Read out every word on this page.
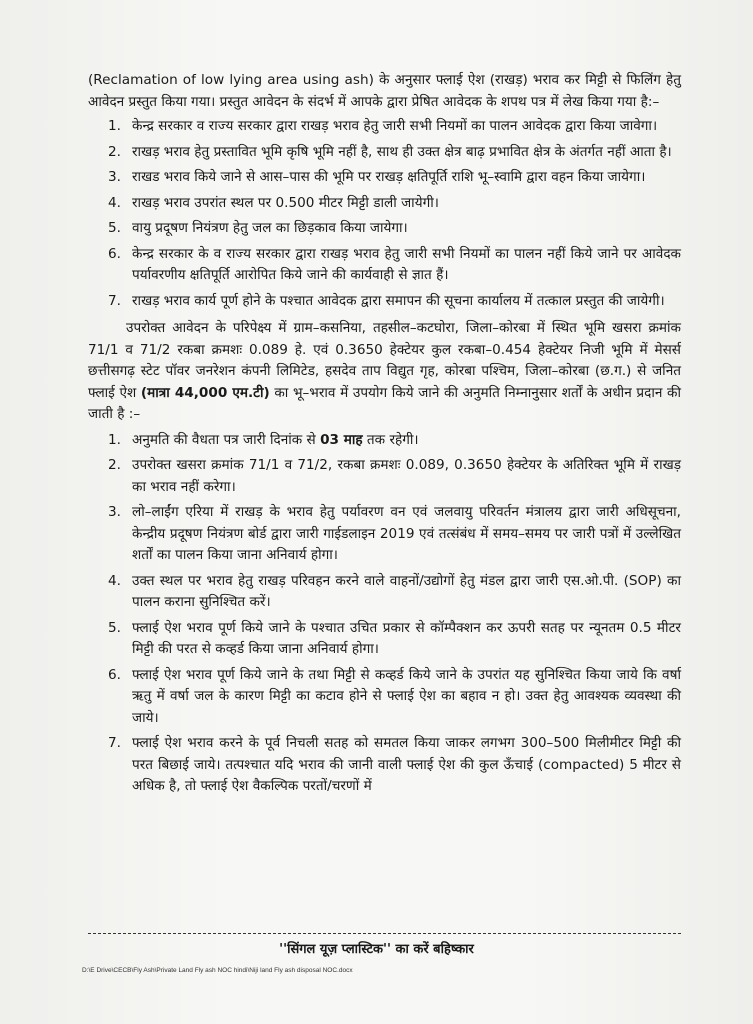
(Reclamation of low lying area using ash) के अनुसार फ्लाई ऐश (राखड़) भराव कर मिट्टी से फिलिंग हेतु आवेदन प्रस्तुत किया गया। प्रस्तुत आवेदन के संदर्भ में आपके द्वारा प्रेषित आवेदक के शपथ पत्र में लेख किया गया है:–

1. केन्द्र सरकार व राज्य सरकार द्वारा राखड़ भराव हेतु जारी सभी नियमों का पालन आवेदक द्वारा किया जावेगा।
2. राखड़ भराव हेतु प्रस्तावित भूमि कृषि भूमि नहीं है, साथ ही उक्त क्षेत्र बाढ़ प्रभावित क्षेत्र के अंतर्गत नहीं आता है।
3. राखड भराव किये जाने से आस–पास की भूमि पर राखड़ क्षतिपूर्ति राशि भू–स्वामि द्वारा वहन किया जायेगा।
4. राखड़ भराव उपरांत स्थल पर 0.500 मीटर मिट्टी डाली जायेगी।
5. वायु प्रदूषण नियंत्रण हेतु जल का छिड़काव किया जायेगा।
6. केन्द्र सरकार के व राज्य सरकार द्वारा राखड़ भराव हेतु जारी सभी नियमों का पालन नहीं किये जाने पर आवेदक पर्यावरणीय क्षतिपूर्ति आरोपित किये जाने की कार्यवाही से ज्ञात हैं।
7. राखड़ भराव कार्य पूर्ण होने के पश्चात आवेदक द्वारा समापन की सूचना कार्यालय में तत्काल प्रस्तुत की जायेगी।

उपरोक्त आवेदन के परिपेक्ष्य में ग्राम–कसनिया, तहसील–कटघोरा, जिला–कोरबा में स्थित भूमि खसरा क्रमांक 71/1 व 71/2 रकबा क्रमशः 0.089 हे. एवं 0.3650 हेक्टेयर कुल रकबा–0.454 हेक्टेयर निजी भूमि में मेसर्स छत्तीसगढ़ स्टेट पॉवर जनरेशन कंपनी लिमिटेड, हसदेव ताप विद्युत गृह, कोरबा पश्चिम, जिला–कोरबा (छ.ग.) से जनित फ्लाई ऐश (मात्रा 44,000 एम.टी) का भू–भराव में उपयोग किये जाने की अनुमति निम्नानुसार शर्तों के अधीन प्रदान की जाती है :–

1. अनुमति की वैधता पत्र जारी दिनांक से 03 माह तक रहेगी।
2. उपरोक्त खसरा क्रमांक 71/1 व 71/2, रकबा क्रमशः 0.089, 0.3650 हेक्टेयर के अतिरिक्त भूमि में राखड़ का भराव नहीं करेगा।
3. लो–लाईंग एरिया में राखड़ के भराव हेतु पर्यावरण वन एवं जलवायु परिवर्तन मंत्रालय द्वारा जारी अधिसूचना, केन्द्रीय प्रदूषण नियंत्रण बोर्ड द्वारा जारी गाईडलाइन 2019 एवं तत्संबंध में समय–समय पर जारी पत्रों में उल्लेखित शर्तों का पालन किया जाना अनिवार्य होगा।
4. उक्त स्थल पर भराव हेतु राखड़ परिवहन करने वाले वाहनों/उद्योगों हेतु मंडल द्वारा जारी एस.ओ.पी. (SOP) का पालन कराना सुनिश्चित करें।
5. फ्लाई ऐश भराव पूर्ण किये जाने के पश्चात उचित प्रकार से कॉम्पैक्शन कर ऊपरी सतह पर न्यूनतम 0.5 मीटर मिट्टी की परत से कव्हर्ड किया जाना अनिवार्य होगा।
6. फ्लाई ऐश भराव पूर्ण किये जाने के तथा मिट्टी से कव्हर्ड किये जाने के उपरांत यह सुनिश्चित किया जाये कि वर्षा ऋतु में वर्षा जल के कारण मिट्टी का कटाव होने से फ्लाई ऐश का बहाव न हो। उक्त हेतु आवश्यक व्यवस्था की जाये।
7. फ्लाई ऐश भराव करने के पूर्व निचली सतह को समतल किया जाकर लगभग 300–500 मिलीमीटर मिट्टी की परत बिछाई जाये। तत्पश्चात यदि भराव की जानी वाली फ्लाई ऐश की कुल ऊँचाई (compacted) 5 मीटर से अधिक है, तो फ्लाई ऐश वैकल्पिक परतों/चरणों में
''सिंगल यूज़ प्लास्टिक'' का करें बहिष्कार
D:\E Drive\CECB\Fly Ash\Private Land Fly ash NOC hindi\Niji land Fly ash disposal NOC.docx
